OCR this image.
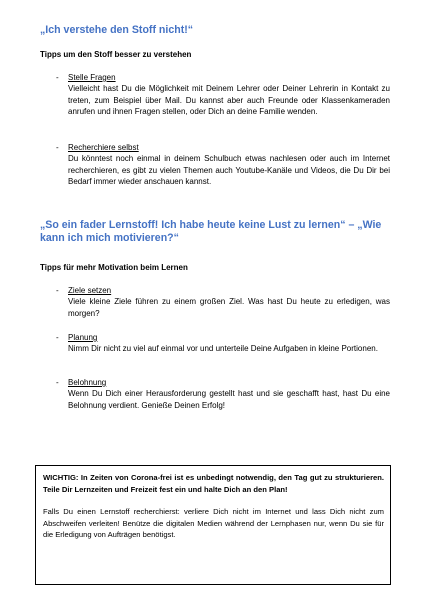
„Ich verstehe den Stoff nicht!“
Tipps um den Stoff besser zu verstehen
- Stelle Fragen
Vielleicht hast Du die Möglichkeit mit Deinem Lehrer oder Deiner Lehrerin in Kontakt zu treten, zum Beispiel über Mail. Du kannst aber auch Freunde oder Klassenkameraden anrufen und ihnen Fragen stellen, oder Dich an deine Familie wenden.
- Recherchiere selbst
Du könntest noch einmal in deinem Schulbuch etwas nachlesen oder auch im Internet recherchieren, es gibt zu vielen Themen auch Youtube-Kanäle und Videos, die Du Dir bei Bedarf immer wieder anschauen kannst.
„So ein fader Lernstoff! Ich habe heute keine Lust zu lernen“ – „Wie kann ich mich motivieren?“
Tipps für mehr Motivation beim Lernen
- Ziele setzen
Viele kleine Ziele führen zu einem großen Ziel. Was hast Du heute zu erledigen, was morgen?
- Planung
Nimm Dir nicht zu viel auf einmal vor und unterteile Deine Aufgaben in kleine Portionen.
- Belohnung
Wenn Du Dich einer Herausforderung gestellt hast und sie geschafft hast, hast Du eine Belohnung verdient. Genieße Deinen Erfolg!
WICHTIG: In Zeiten von Corona-frei ist es unbedingt notwendig, den Tag gut zu strukturieren. Teile Dir Lernzeiten und Freizeit fest ein und halte Dich an den Plan!
Falls Du einen Lernstoff recherchierst: verliere Dich nicht im Internet und lass Dich nicht zum Abschweifen verleiten! Benütze die digitalen Medien während der Lernphasen nur, wenn Du sie für die Erledigung von Aufträgen benötigst.
